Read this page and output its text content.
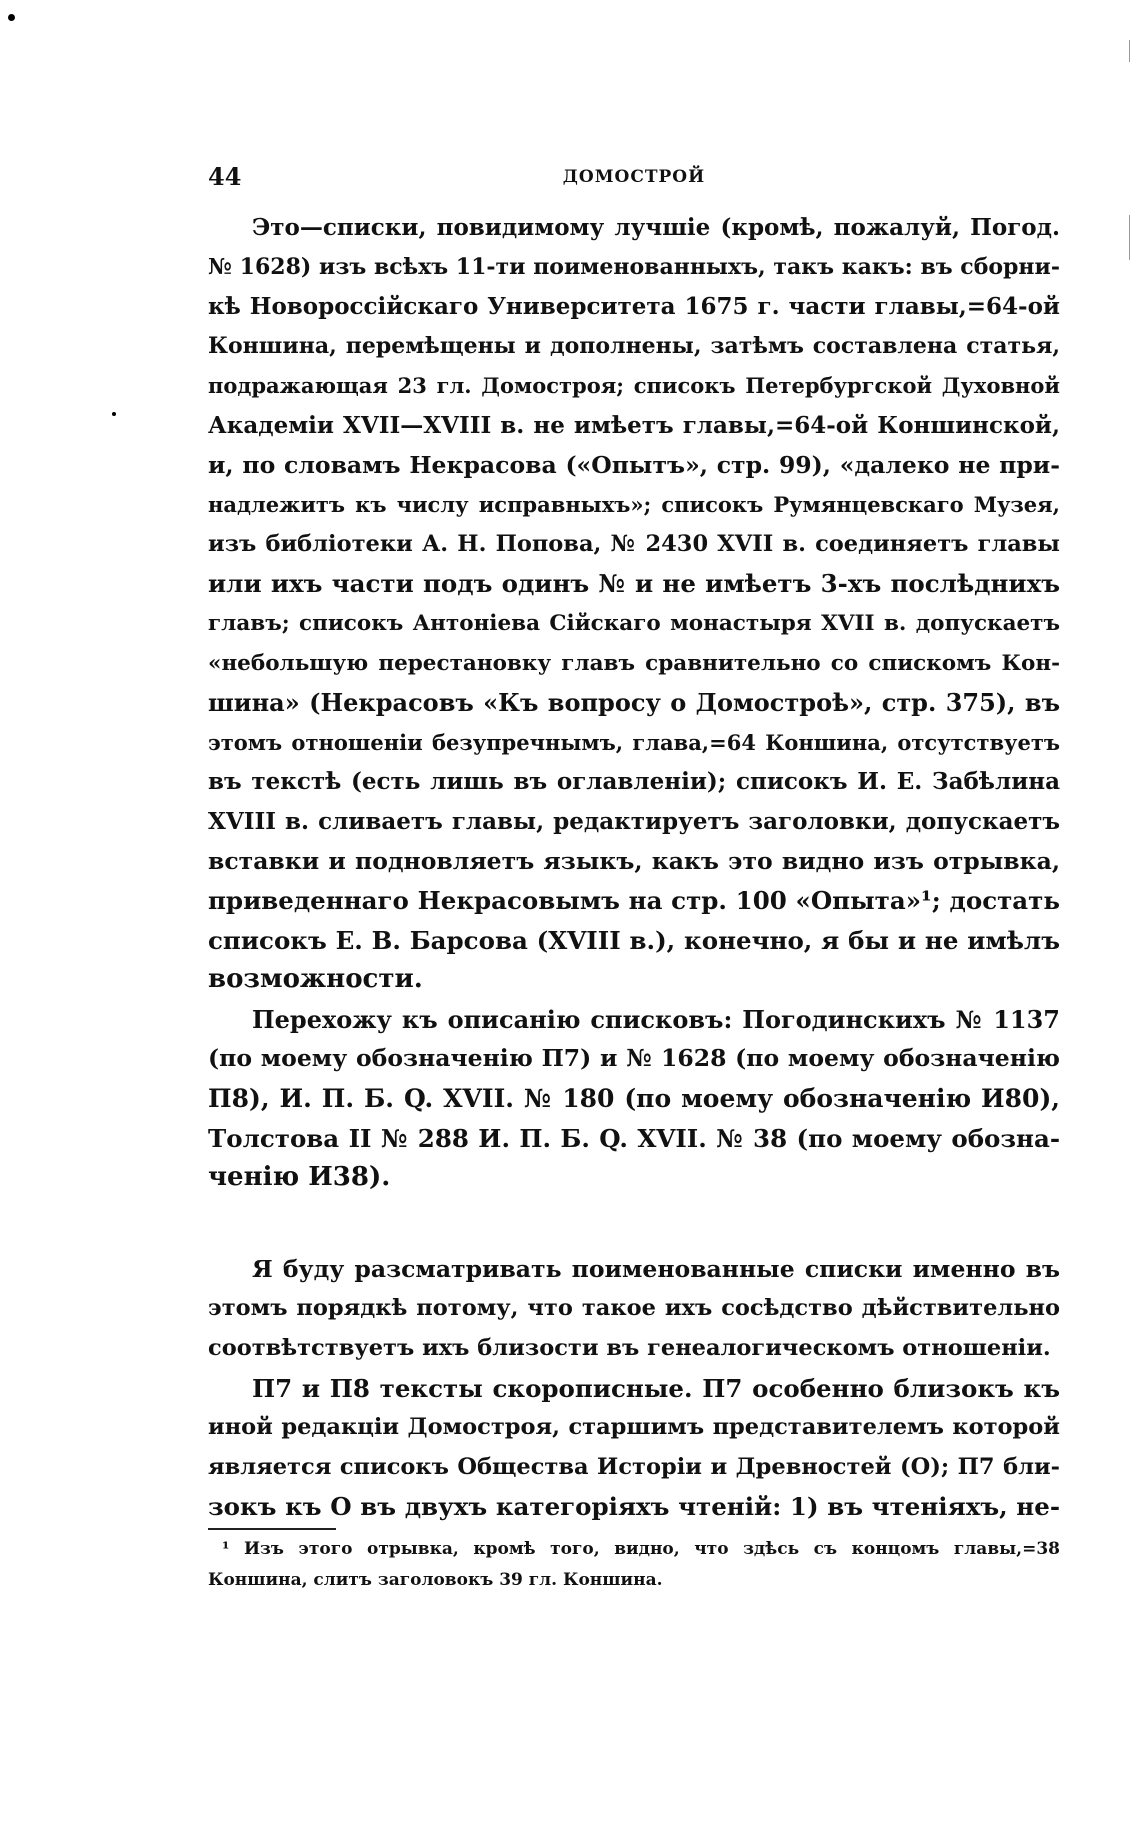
44	ДОМОСТРОЙ
Это—списки, повидимому лучшіе (кромѣ, пожалуй, Погод.
№ 1628) изъ всѣхъ 11-ти поименованныхъ, такъ какъ: въ сборни-
кѣ Новороссійскаго Университета 1675 г. части главы,=64-ой
Коншина, перемѣщены и дополнены, затѣмъ составлена статья,
подражающая 23 гл. Домостроя; списокъ Петербургской Духовной
Академіи XVII—XVIII в. не имѣетъ главы,=64-ой Коншинской,
и, по словамъ Некрасова («Опытъ», стр. 99), «далеко не при-
надлежитъ къ числу исправныхъ»; списокъ Румянцевскаго Музея,
изъ библіотеки А. Н. Попова, № 2430 XVII в. соединяетъ главы
или ихъ части подъ одинъ № и не имѣетъ 3-хъ послѣднихъ
главъ; списокъ Антоніева Сійскаго монастыря XVII в. допускаетъ
«небольшую перестановку главъ сравнительно со спискомъ Кон-
шина» (Некрасовъ «Къ вопросу о Домостроѣ», стр. 375), въ
этомъ отношеніи безупречнымъ, глава,=64 Коншина, отсутствуетъ
въ текстѣ (есть лишь въ оглавленіи); списокъ И. Е. Забѣлина
XVIII в. сливаетъ главы, редактируетъ заголовки, допускаетъ
вставки и подновляетъ языкъ, какъ это видно изъ отрывка,
приведеннаго Некрасовымъ на стр. 100 «Опыта»¹; достать
списокъ Е. В. Барсова (XVIII в.), конечно, я бы и не имѣлъ
возможности.
Перехожу къ описанію списковъ: Погодинскихъ № 1137
(по моему обозначенію П7) и № 1628 (по моему обозначенію
П8), И. П. Б. Q. XVII. № 180 (по моему обозначенію И80),
Толстова II № 288 И. П. Б. Q. XVII. № 38 (по моему обозна-
ченію И38).
Я буду разсматривать поименованные списки именно въ
этомъ порядкѣ потому, что такое ихъ сосѣдство дѣйствительно
соотвѣтствуетъ ихъ близости въ генеалогическомъ отношеніи.
П7 и П8 тексты скорописные. П7 особенно близокъ къ
иной редакціи Домостроя, старшимъ представителемъ которой
является списокъ Общества Исторіи и Древностей (О); П7 бли-
зокъ къ О въ двухъ категоріяхъ чтеній: 1) въ чтеніяхъ, не-
¹ Изъ этого отрывка, кромѣ того, видно, что здѣсь съ концомъ главы,=38
Коншина, слитъ заголовокъ 39 гл. Коншина.
